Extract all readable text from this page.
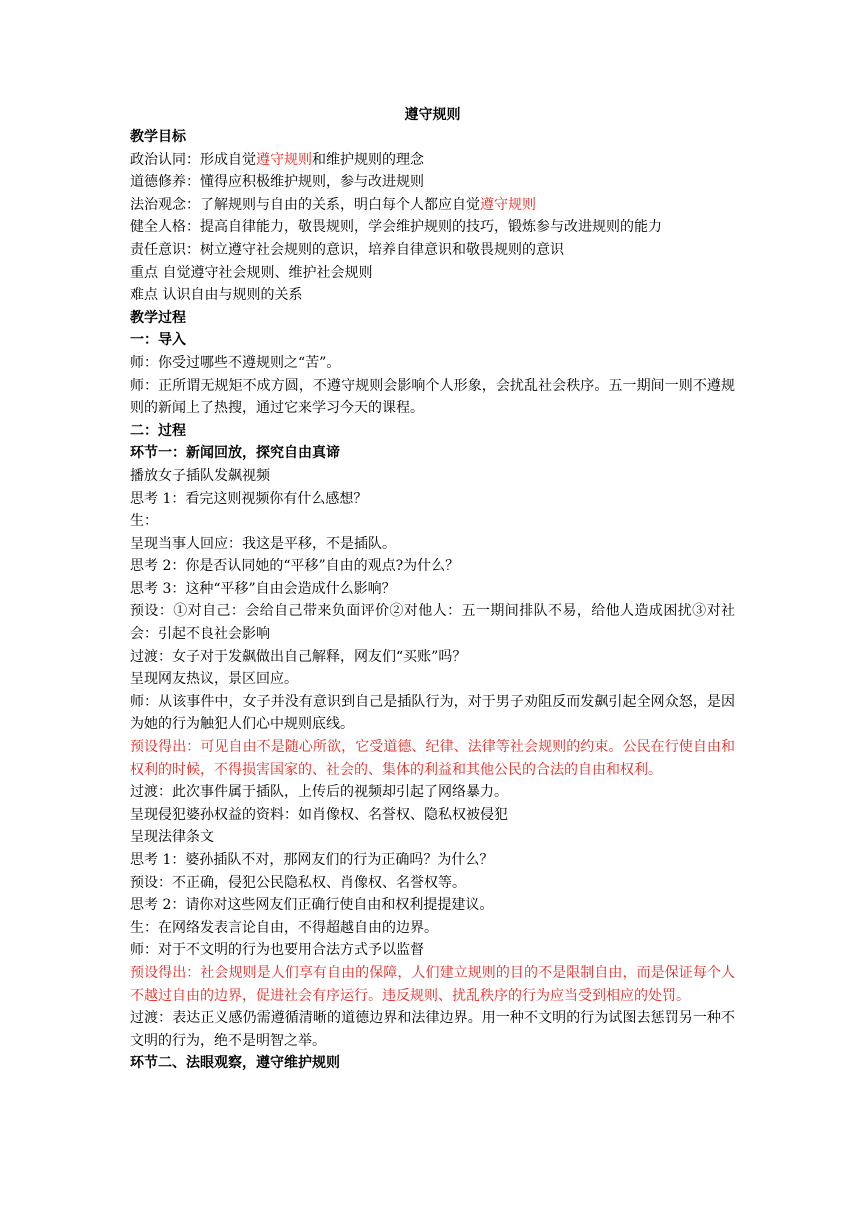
遵守规则
教学目标
政治认同：形成自觉遵守规则和维护规则的理念
道德修养：懂得应积极维护规则，参与改进规则
法治观念：了解规则与自由的关系，明白每个人都应自觉遵守规则
健全人格：提高自律能力，敬畏规则，学会维护规则的技巧，锻炼参与改进规则的能力
责任意识：树立遵守社会规则的意识，培养自律意识和敬畏规则的意识
重点 自觉遵守社会规则、维护社会规则
难点 认识自由与规则的关系
教学过程
一：导入
师：你受过哪些不遵规则之“苦”。
师：正所谓无规矩不成方圆，不遵守规则会影响个人形象，会扰乱社会秩序。五一期间一则不遵规则的新闻上了热搜，通过它来学习今天的课程。
二：过程
环节一：新闻回放，探究自由真谛
播放女子插队发飙视频
思考 1：看完这则视频你有什么感想？
生：
呈现当事人回应：我这是平移，不是插队。
思考 2：你是否认同她的“平移”自由的观点?为什么？
思考 3：这种“平移”自由会造成什么影响？
预设：①对自己：会给自己带来负面评价②对他人：五一期间排队不易，给他人造成困扰③对社会：引起不良社会影响
过渡：女子对于发飙做出自己解释，网友们“买账”吗？
呈现网友热议，景区回应。
师：从该事件中，女子并没有意识到自己是插队行为，对于男子劝阻反而发飙引起全网众怒，是因为她的行为触犯人们心中规则底线。
预设得出：可见自由不是随心所欲，它受道德、纪律、法律等社会规则的约束。公民在行使自由和权利的时候，不得损害国家的、社会的、集体的利益和其他公民的合法的自由和权利。
过渡：此次事件属于插队，上传后的视频却引起了网络暴力。
呈现侵犯婆孙权益的资料：如肖像权、名誉权、隐私权被侵犯
呈现法律条文
思考 1：婆孙插队不对，那网友们的行为正确吗？为什么？
预设：不正确，侵犯公民隐私权、肖像权、名誉权等。
思考 2：请你对这些网友们正确行使自由和权利提提建议。
生：在网络发表言论自由，不得超越自由的边界。
师：对于不文明的行为也要用合法方式予以监督
预设得出：社会规则是人们享有自由的保障，人们建立规则的目的不是限制自由，而是保证每个人不越过自由的边界，促进社会有序运行。违反规则、扰乱秩序的行为应当受到相应的处罚。
过渡：表达正义感仍需遵循清晰的道德边界和法律边界。用一种不文明的行为试图去惩罚另一种不文明的行为，绝不是明智之举。
环节二、法眼观察，遵守维护规则
